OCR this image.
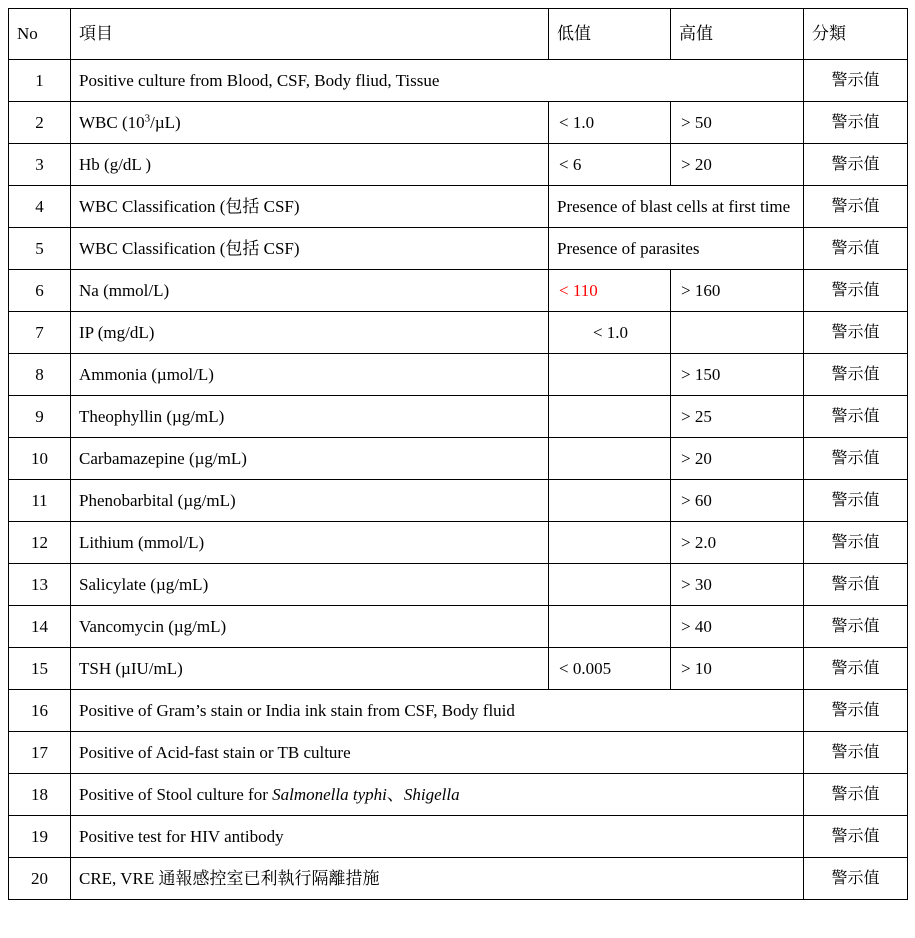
No	項目	低值	高值	分類
1	Positive culture from Blood, CSF, Body fliud, Tissue			警示值
2	WBC $(10^3/\mu L)$	< 1.0	> 50	警示值
3	Hb (g/dL )	< 6	> 20	警示值
4	WBC Classification (包括 CSF)	Presence of blast cells at first time		警示值
5	WBC Classification (包括 CSF)	Presence of parasites		警示值
6	Na (mmol/L)	< 110	> 160	警示值
7	IP (mg/dL)	< 1.0		警示值
8	Ammonia (µmol/L)		> 150	警示值
9	Theophyllin (µg/mL)		> 25	警示值
10	Carbamazepine (µg/mL)		> 20	警示值
11	Phenobarbital (µg/mL)		> 60	警示值
12	Lithium (mmol/L)		> 2.0	警示值
13	Salicylate (µg/mL)		> 30	警示值
14	Vancomycin (µg/mL)		> 40	警示值
15	TSH (µIU/mL)	< 0.005	> 10	警示值
16	Positive of Gram’s stain or India ink stain from CSF, Body fluid			警示值
17	Positive of Acid-fast stain or TB culture			警示值
18	Positive of Stool culture for Salmonella typhi、Shigella			警示值
19	Positive test for HIV antibody			警示值
20	CRE, VRE 通報感控室已利執行隔離措施			警示值
